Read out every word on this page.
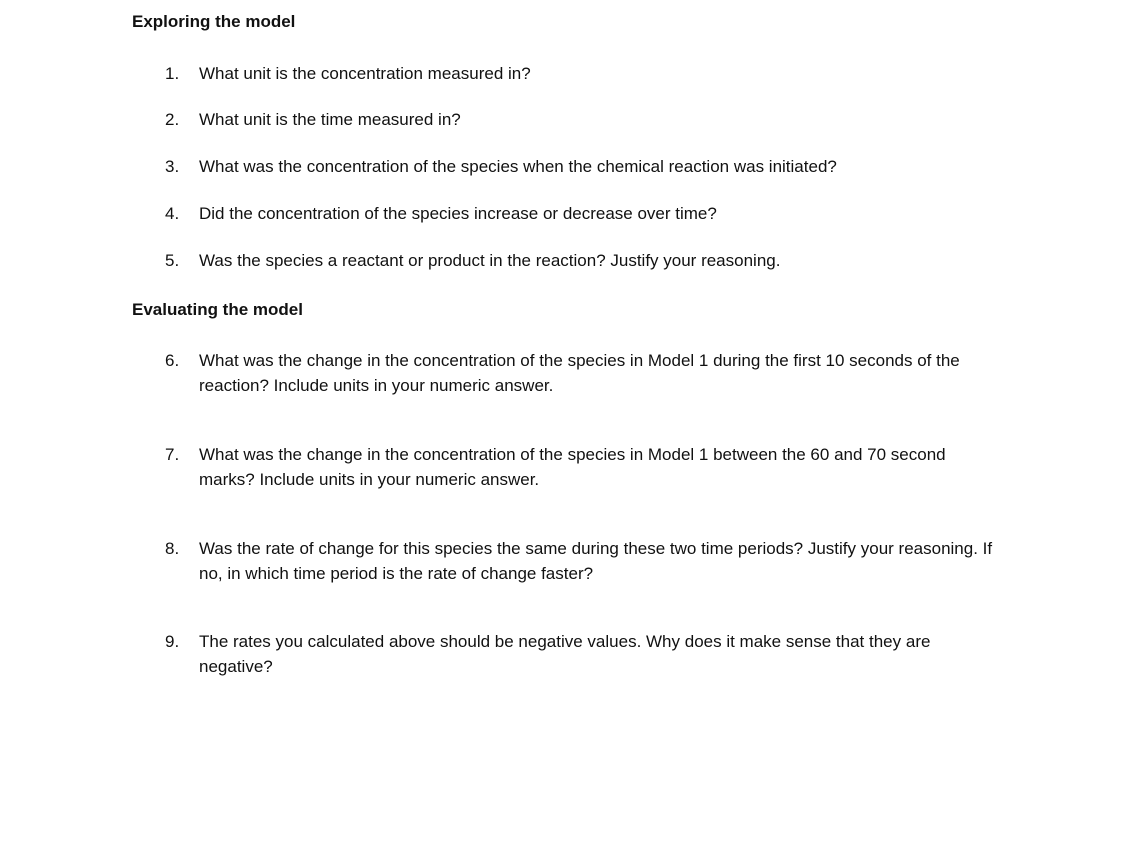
Exploring the model
1.	What unit is the concentration measured in?
2.	What unit is the time measured in?
3.	What was the concentration of the species when the chemical reaction was initiated?
4.	Did the concentration of the species increase or decrease over time?
5.	Was the species a reactant or product in the reaction? Justify your reasoning.
Evaluating the model
6.	What was the change in the concentration of the species in Model 1 during the first 10 seconds of the reaction? Include units in your numeric answer.
7.	What was the change in the concentration of the species in Model 1 between the 60 and 70 second marks? Include units in your numeric answer.
8.	Was the rate of change for this species the same during these two time periods? Justify your reasoning. If no, in which time period is the rate of change faster?
9.	The rates you calculated above should be negative values. Why does it make sense that they are negative?
